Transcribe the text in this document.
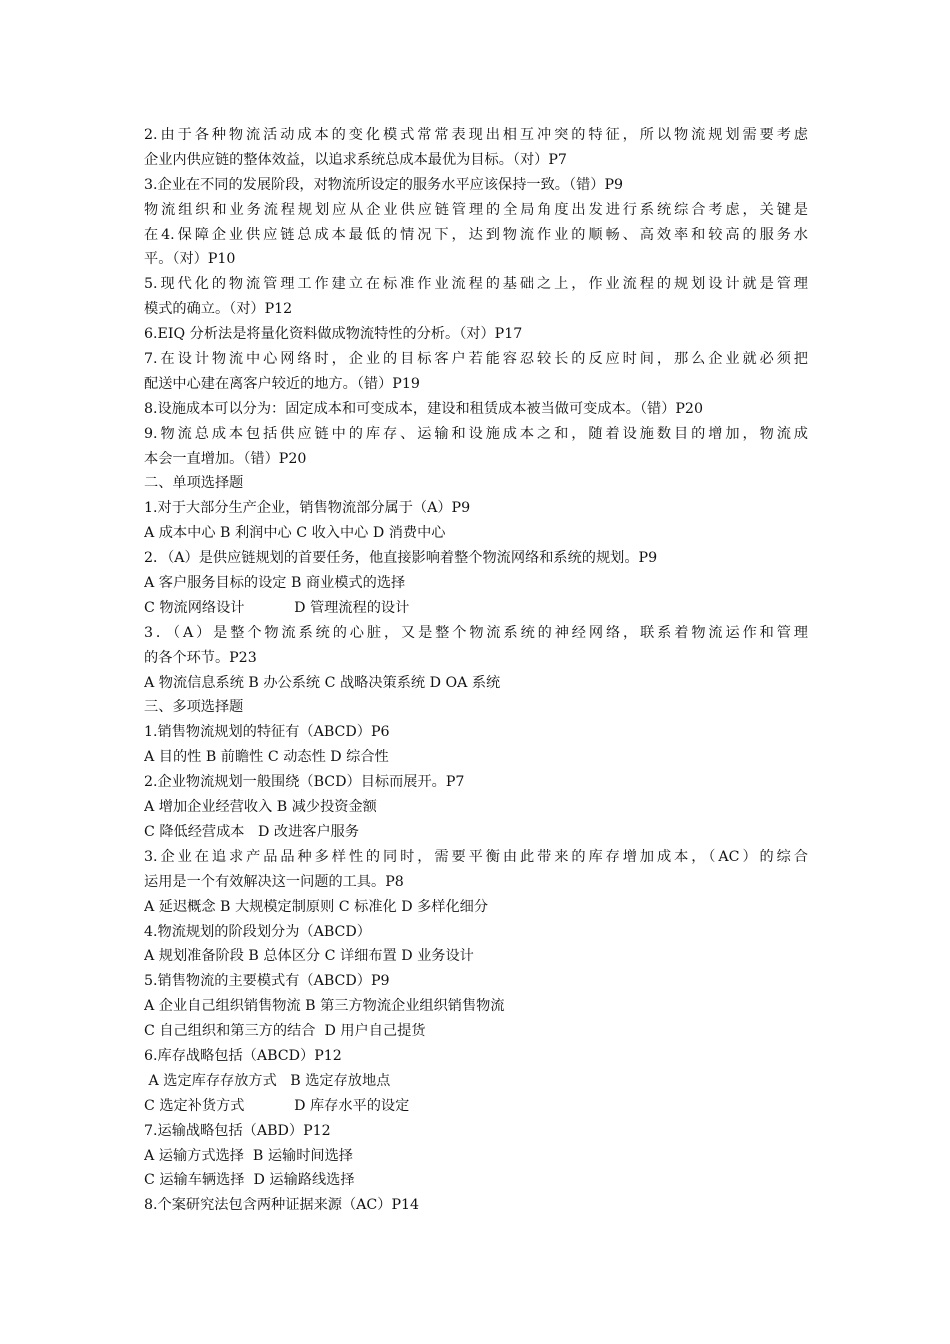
2.由于各种物流活动成本的变化模式常常表现出相互冲突的特征，所以物流规划需要考虑
企业内供应链的整体效益，以追求系统总成本最优为目标。（对）P7
3.企业在不同的发展阶段，对物流所设定的服务水平应该保持一致。（错）P9
物流组织和业务流程规划应从企业供应链管理的全局角度出发进行系统综合考虑，关键是
在4.保障企业供应链总成本最低的情况下，达到物流作业的顺畅、高效率和较高的服务水
平。（对）P10
5.现代化的物流管理工作建立在标准作业流程的基础之上，作业流程的规划设计就是管理
模式的确立。（对）P12
6.EIQ 分析法是将量化资料做成物流特性的分析。（对）P17
7.在设计物流中心网络时，企业的目标客户若能容忍较长的反应时间，那么企业就必须把
配送中心建在离客户较近的地方。（错）P19
8.设施成本可以分为：固定成本和可变成本，建设和租赁成本被当做可变成本。（错）P20
9.物流总成本包括供应链中的库存、运输和设施成本之和，随着设施数目的增加，物流成
本会一直增加。（错）P20
二、单项选择题
1.对于大部分生产企业，销售物流部分属于（A）P9
A 成本中心 B 利润中心 C 收入中心 D 消费中心
2．（A）是供应链规划的首要任务，他直接影响着整个物流网络和系统的规划。P9
A 客户服务目标的设定 B 商业模式的选择
C 物流网络设计           D 管理流程的设计
3．（A）是整个物流系统的心脏，又是整个物流系统的神经网络，联系着物流运作和管理
的各个环节。P23
A 物流信息系统 B 办公系统 C 战略决策系统 D OA 系统
三、多项选择题
1.销售物流规划的特征有（ABCD）P6
A 目的性 B 前瞻性 C 动态性 D 综合性
2.企业物流规划一般围绕（BCD）目标而展开。P7
A 增加企业经营收入 B 减少投资金额
C 降低经营成本   D 改进客户服务
3.企业在追求产品品种多样性的同时，需要平衡由此带来的库存增加成本，（AC）的综合
运用是一个有效解决这一问题的工具。P8
A 延迟概念 B 大规模定制原则 C 标准化 D 多样化细分
4.物流规划的阶段划分为（ABCD）
A 规划准备阶段 B 总体区分 C 详细布置 D 业务设计
5.销售物流的主要模式有（ABCD）P9
A 企业自己组织销售物流 B 第三方物流企业组织销售物流
C 自己组织和第三方的结合  D 用户自己提货
6.库存战略包括（ABCD）P12
A 选定库存存放方式   B 选定存放地点
C 选定补货方式           D 库存水平的设定
7.运输战略包括（ABD）P12
A 运输方式选择  B 运输时间选择
C 运输车辆选择  D 运输路线选择
8.个案研究法包含两种证据来源（AC）P14
